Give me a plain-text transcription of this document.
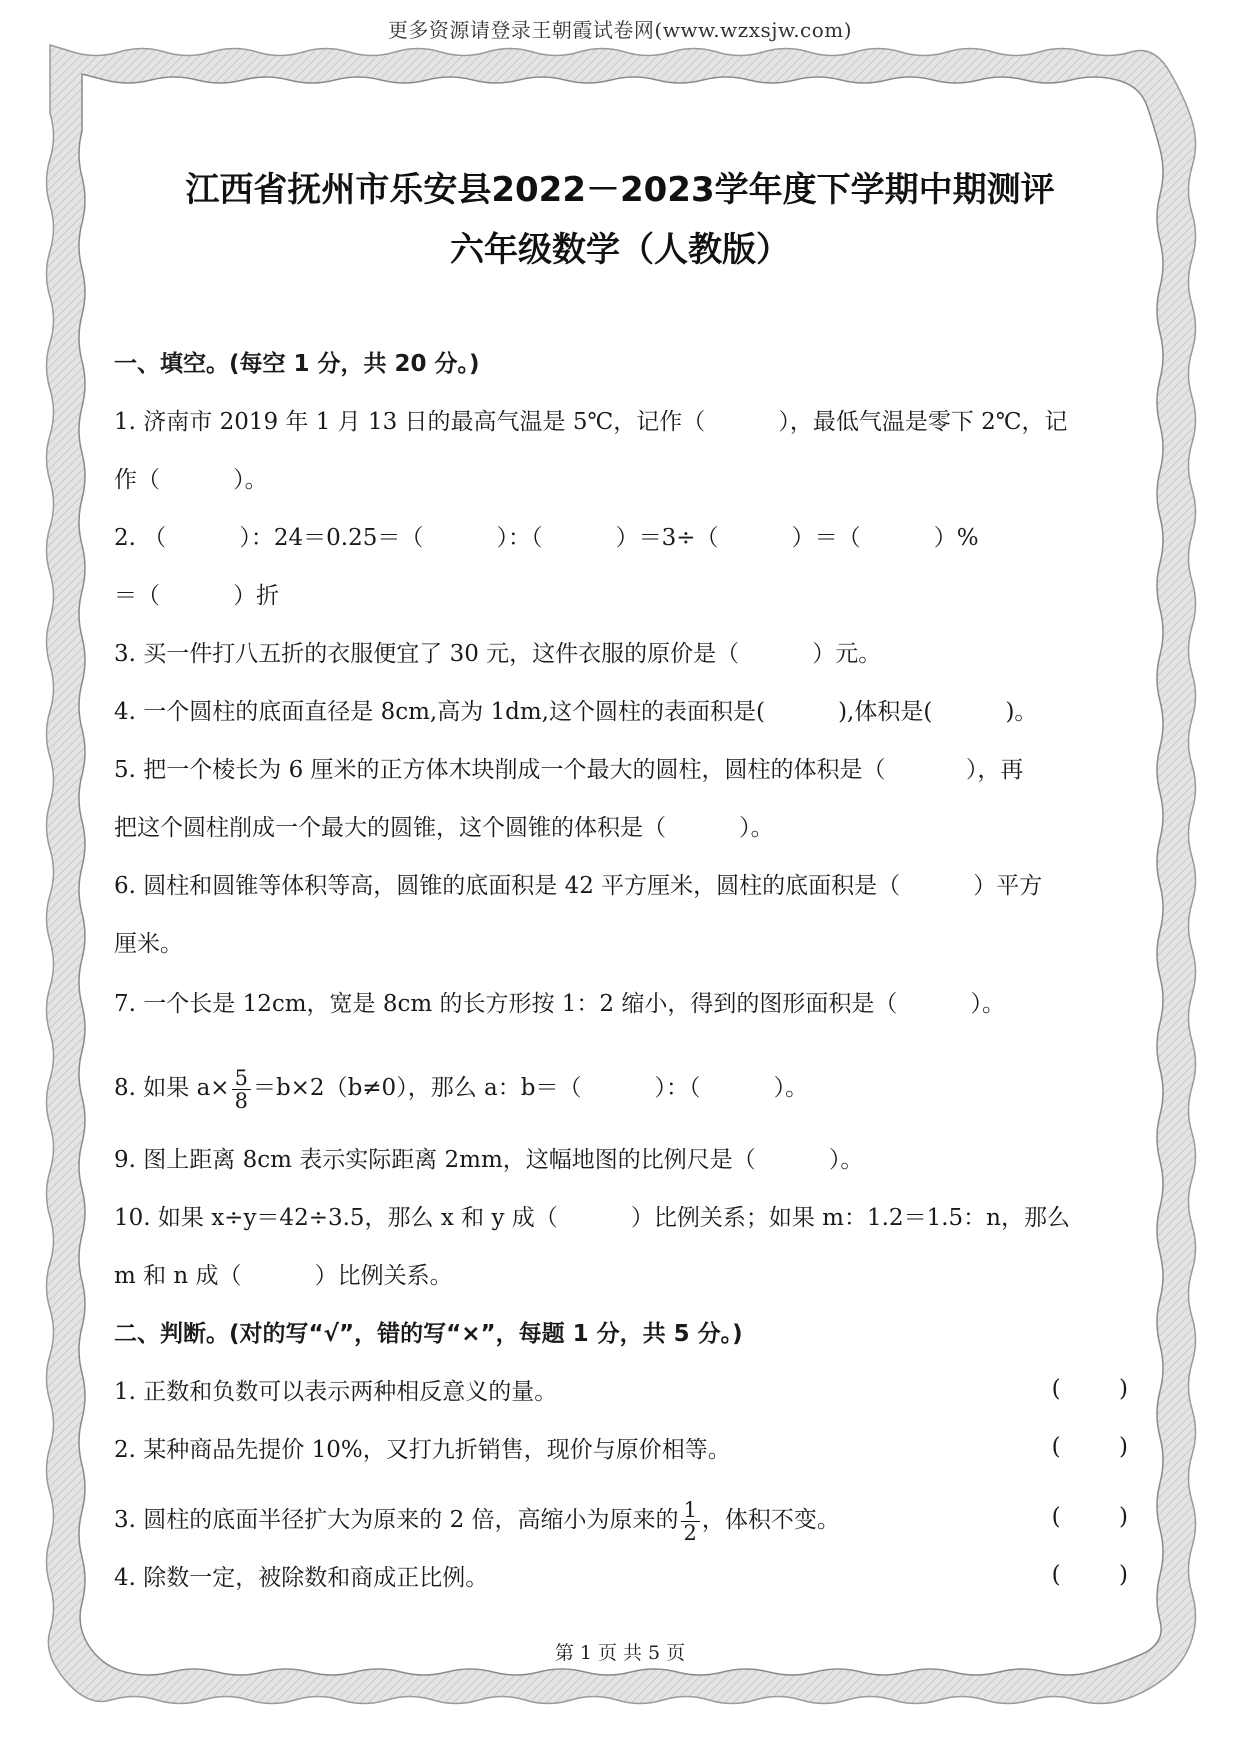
更多资源请登录王朝霞试卷网(www.wzxsjw.com)
江西省抚州市乐安县2022－2023学年度下学期中期测评
六年级数学（人教版）
一、填空。(每空 1 分，共 20 分。)
1. 济南市 2019 年 1 月 13 日的最高气温是 5℃，记作（          ），最低气温是零下 2℃，记
作（          ）。
2. （          ）：24＝0.25＝（          ）：（          ）＝3÷（          ）＝（          ）%
＝（          ）折
3. 买一件打八五折的衣服便宜了 30 元，这件衣服的原价是（          ）元。
4. 一个圆柱的底面直径是 8cm,高为 1dm,这个圆柱的表面积是(          ),体积是(          )。
5. 把一个棱长为 6 厘米的正方体木块削成一个最大的圆柱，圆柱的体积是（           ），再
把这个圆柱削成一个最大的圆锥，这个圆锥的体积是（          ）。
6. 圆柱和圆锥等体积等高，圆锥的底面积是 42 平方厘米，圆柱的底面积是（          ）平方
厘米。
7. 一个长是 12cm，宽是 8cm 的长方形按 1：2 缩小，得到的图形面积是（          ）。
8. 如果 $a\times \frac{5}{8} =b\times 2(b\ne 0)$，那么 a：b＝（          ）：（          ）。
9. 图上距离 8cm 表示实际距离 2mm，这幅地图的比例尺是（          ）。
10. 如果 x÷y＝42÷3.5，那么 x 和 y 成（          ）比例关系；如果 m：1.2＝1.5：n，那么
m 和 n 成（          ）比例关系。
二、判断。(对的写“√”，错的写“×”，每题 1 分，共 5 分。)
1. 正数和负数可以表示两种相反意义的量。	(        )
2. 某种商品先提价 10%，又打九折销售，现价与原价相等。	(        )
3. 圆柱的底面半径扩大为原来的 2 倍，高缩小为原来的 $\frac{1}{2}$ ，体积不变。	(        )
4. 除数一定，被除数和商成正比例。	(        )
第 1 页 共 5 页
